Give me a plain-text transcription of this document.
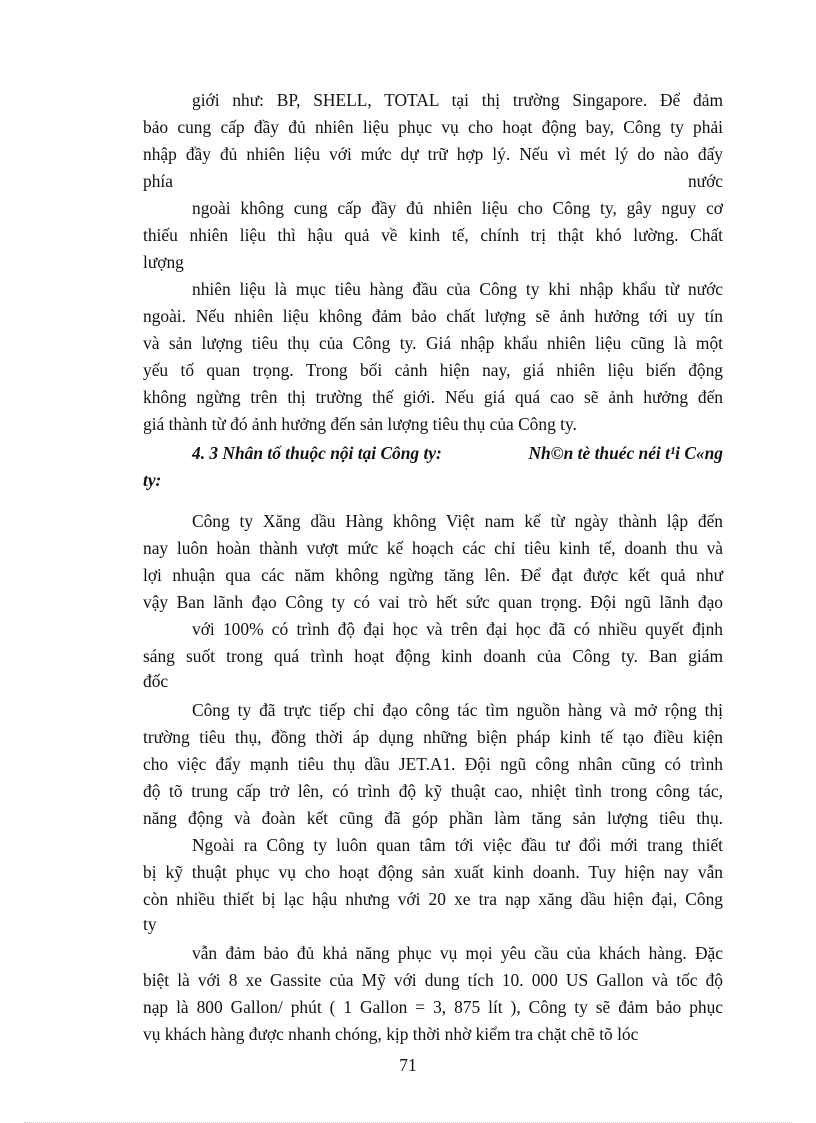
giới như: BP, SHELL, TOTAL tại thị trường Singapore. Để đảm
bảo cung cấp đầy đủ nhiên liệu phục vụ cho hoạt động bay, Công ty phải
nhập đầy đủ nhiên liệu với mức dự trữ hợp lý. Nếu vì mét lý do nào đấy
phía	nước
ngoài không cung cấp đầy đủ nhiên liệu cho Công ty, gây nguy cơ
thiếu nhiên liệu thì hậu quả về kinh tế, chính trị thật khó lường. Chất
lượng
nhiên liệu là mục tiêu hàng đầu của Công ty khi nhập khẩu từ nước
ngoài. Nếu nhiên liệu không đảm bảo chất lượng sẽ ảnh hưởng tới uy tín
và sản lượng tiêu thụ của Công ty. Giá nhập khẩu nhiên liệu cũng là một
yếu tố quan trọng. Trong bối cảnh hiện nay, giá nhiên liệu biến động
không ngừng trên thị trường thế giới. Nếu giá quá cao sẽ ảnh hưởng đến
giá thành từ đó ảnh hưởng đến sản lượng tiêu thụ của Công ty.
4. 3 Nhân tố thuộc nội tại Công ty:	Nh©n tè thuéc néi t¹i C«ng
ty:
Công ty Xăng dầu Hàng không Việt nam kể từ ngày thành lập đến
nay luôn hoàn thành vượt mức kế hoạch các chỉ tiêu kinh tế, doanh thu và
lợi nhuận qua các năm không ngừng tăng lên. Để đạt được kết quả như
vậy Ban lãnh đạo Công ty có vai trò hết sức quan trọng. Đội ngũ lãnh đạo
với 100% có trình độ đại học và trên đại học đã có nhiều quyết định
sáng suốt trong quá trình hoạt động kinh doanh của Công ty. Ban giám
đốc
Công ty đã trực tiếp chỉ đạo công tác tìm nguồn hàng và mở rộng thị
trường tiêu thụ, đồng thời áp dụng những biện pháp kinh tế tạo điều kiện
cho việc đẩy mạnh tiêu thụ dầu JET.A1. Đội ngũ công nhân cũng có trình
độ tõ trung cấp trở lên, có trình độ kỹ thuật cao, nhiệt tình trong công tác,
năng động và đoàn kết cũng đã góp phần làm tăng sản lượng tiêu thụ.
Ngoài ra Công ty luôn quan tâm tới việc đầu tư đổi mới trang thiết
bị kỹ thuật phục vụ cho hoạt động sản xuất kinh doanh. Tuy hiện nay vẫn
còn nhiều thiết bị lạc hậu nhưng với 20 xe tra nạp xăng dầu hiện đại, Công
ty
vẫn đảm bảo đủ khả năng phục vụ mọi yêu cầu của khách hàng. Đặc
biệt là với 8 xe Gassite của Mỹ với dung tích 10. 000 US Gallon và tốc độ
nạp là 800 Gallon/ phút ( 1 Gallon = 3, 875 lít ), Công ty sẽ đảm bảo phục
vụ khách hàng được nhanh chóng, kịp thời nhờ kiểm tra chặt chẽ tõ lóc
71
